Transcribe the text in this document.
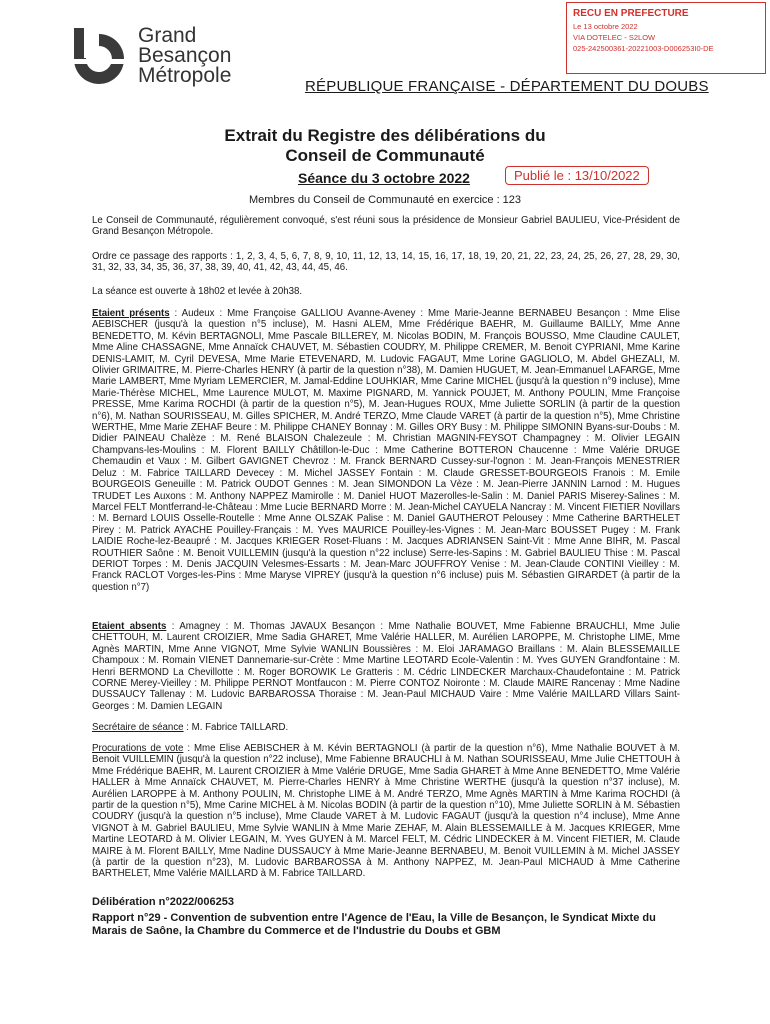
Grand
Besançon
Métropole
RECU EN PREFECTURE
Le 13 octobre 2022
VIA DOTELEC - S2LOW
025-242500361-20221003-D006253I0-DE
RÉPUBLIQUE FRANÇAISE - DÉPARTEMENT DU DOUBS
Extrait du Registre des délibérations du
Conseil de Communauté
Séance du 3 octobre 2022	Publié le : 13/10/2022
Membres du Conseil de Communauté en exercice : 123

Le Conseil de Communauté, régulièrement convoqué, s'est réuni sous la présidence de Monsieur Gabriel BAULIEU, Vice-Président de Grand Besançon Métropole.

Ordre ce passage des rapports : 1, 2, 3, 4, 5, 6, 7, 8, 9, 10, 11, 12, 13, 14, 15, 16, 17, 18, 19, 20, 21, 22, 23, 24, 25, 26, 27, 28, 29, 30, 31, 32, 33, 34, 35, 36, 37, 38, 39, 40, 41, 42, 43, 44, 45, 46.

La séance est ouverte à 18h02 et levée à 20h38.

Etaient présents : Audeux : Mme Françoise GALLIOU Avanne-Aveney : Mme Marie-Jeanne BERNABEU Besançon : Mme Elise AEBISCHER (jusqu'à la question n°5 incluse), M. Hasni ALEM, Mme Frédérique BAEHR, M. Guillaume BAILLY, Mme Anne BENEDETTO, M. Kévin BERTAGNOLI, Mme Pascale BILLEREY, M. Nicolas BODIN, M. François BOUSSO, Mme Claudine CAULET, Mme Aline CHASSAGNE, Mme Annaïck CHAUVET, M. Sébastien COUDRY, M. Philippe CREMER, M. Benoit CYPRIANI, Mme Karine DENIS-LAMIT, M. Cyril DEVESA, Mme Marie ETEVENARD, M. Ludovic FAGAUT, Mme Lorine GAGLIOLO, M. Abdel GHEZALI, M. Olivier GRIMAITRE, M. Pierre-Charles HENRY (à partir de la question n°38), M. Damien HUGUET, M. Jean-Emmanuel LAFARGE, Mme Marie LAMBERT, Mme Myriam LEMERCIER, M. Jamal-Eddine LOUHKIAR, Mme Carine MICHEL (jusqu'à la question n°9 incluse), Mme Marie-Thérèse MICHEL, Mme Laurence MULOT, M. Maxime PIGNARD, M. Yannick POUJET, M. Anthony POULIN, Mme Françoise PRESSE, Mme Karima ROCHDI (à partir de la question n°5), M. Jean-Hugues ROUX, Mme Juliette SORLIN (à partir de la question n°6), M. Nathan SOURISSEAU, M. Gilles SPICHER, M. André TERZO, Mme Claude VARET (à partir de la question n°5), Mme Christine WERTHE, Mme Marie ZEHAF Beure : M. Philippe CHANEY Bonnay : M. Gilles ORY Busy : M. Philippe SIMONIN Byans-sur-Doubs : M. Didier PAINEAU Chalèze : M. René BLAISON Chalezeule : M. Christian MAGNIN-FEYSOT Champagney : M. Olivier LEGAIN Champvans-les-Moulins : M. Florent BAILLY Châtillon-le-Duc : Mme Catherine BOTTERON Chaucenne : Mme Valérie DRUGE Chemaudin et Vaux : M. Gilbert GAVIGNET Chevroz : M. Franck BERNARD Cussey-sur-l'ognon : M. Jean-François MENESTRIER Deluz : M. Fabrice TAILLARD Devecey : M. Michel JASSEY Fontain : M. Claude GRESSET-BOURGEOIS Franois : M. Emile BOURGEOIS Geneuille : M. Patrick OUDOT Gennes : M. Jean SIMONDON La Vèze : M. Jean-Pierre JANNIN Larnod : M. Hugues TRUDET Les Auxons : M. Anthony NAPPEZ Mamirolle : M. Daniel HUOT Mazerolles-le-Salin : M. Daniel PARIS Miserey-Salines : M. Marcel FELT Montferrand-le-Château : Mme Lucie BERNARD Morre : M. Jean-Michel CAYUELA Nancray : M. Vincent FIETIER Novillars : M. Bernard LOUIS Osselle-Routelle : Mme Anne OLSZAK Palise : M. Daniel GAUTHEROT Pelousey : Mme Catherine BARTHELET Pirey : M. Patrick AYACHE Pouilley-Français : M. Yves MAURICE Pouilley-les-Vignes : M. Jean-Marc BOUSSET Pugey : M. Frank LAIDIE Roche-lez-Beaupré : M. Jacques KRIEGER Roset-Fluans : M. Jacques ADRIANSEN Saint-Vit : Mme Anne BIHR, M. Pascal ROUTHIER Saône : M. Benoit VUILLEMIN (jusqu'à la question n°22 incluse) Serre-les-Sapins : M. Gabriel BAULIEU Thise : M. Pascal DERIOT Torpes : M. Denis JACQUIN Velesmes-Essarts : M. Jean-Marc JOUFFROY Venise : M. Jean-Claude CONTINI Vieilley : M. Franck RACLOT Vorges-les-Pins : Mme Maryse VIPREY (jusqu'à la question n°6 incluse) puis M. Sébastien GIRARDET (à partir de la question n°7)

Etaient absents : Amagney : M. Thomas JAVAUX Besançon : Mme Nathalie BOUVET, Mme Fabienne BRAUCHLI, Mme Julie CHETTOUH, M. Laurent CROIZIER, Mme Sadia GHARET, Mme Valérie HALLER, M. Aurélien LAROPPE, M. Christophe LIME, Mme Agnès MARTIN, Mme Anne VIGNOT, Mme Sylvie WANLIN Boussières : M. Eloi JARAMAGO Braillans : M. Alain BLESSEMAILLE Champoux : M. Romain VIENET Dannemarie-sur-Crète : Mme Martine LEOTARD Ecole-Valentin : M. Yves GUYEN Grandfontaine : M. Henri BERMOND La Chevillotte : M. Roger BOROWIK Le Gratteris : M. Cédric LINDECKER Marchaux-Chaudefontaine : M. Patrick CORNE Merey-Vieilley : M. Philippe PERNOT Montfaucon : M. Pierre CONTOZ Noironte : M. Claude MAIRE Rancenay : Mme Nadine DUSSAUCY Tallenay : M. Ludovic BARBAROSSA Thoraise : M. Jean-Paul MICHAUD Vaire : Mme Valérie MAILLARD Villars Saint-Georges : M. Damien LEGAIN

Secrétaire de séance : M. Fabrice TAILLARD.

Procurations de vote : Mme Elise AEBISCHER à M. Kévin BERTAGNOLI (à partir de la question n°6), Mme Nathalie BOUVET à M. Benoit VUILLEMIN (jusqu'à la question n°22 incluse), Mme Fabienne BRAUCHLI à M. Nathan SOURISSEAU, Mme Julie CHETTOUH à Mme Frédérique BAEHR, M. Laurent CROIZIER à Mme Valérie DRUGE, Mme Sadia GHARET à Mme Anne BENEDETTO, Mme Valérie HALLER à Mme Annaïck CHAUVET, M. Pierre-Charles HENRY à Mme Christine WERTHE (jusqu'à la question n°37 incluse), M. Aurélien LAROPPE à M. Anthony POULIN, M. Christophe LIME à M. André TERZO, Mme Agnès MARTIN à Mme Karima ROCHDI (à partir de la question n°5), Mme Carine MICHEL à M. Nicolas BODIN (à partir de la question n°10), Mme Juliette SORLIN à M. Sébastien COUDRY (jusqu'à la question n°5 incluse), Mme Claude VARET à M. Ludovic FAGAUT (jusqu'à la question n°4 incluse), Mme Anne VIGNOT à M. Gabriel BAULIEU, Mme Sylvie WANLIN à Mme Marie ZEHAF, M. Alain BLESSEMAILLE à M. Jacques KRIEGER, Mme Martine LEOTARD à M. Olivier LEGAIN, M. Yves GUYEN à M. Marcel FELT, M. Cédric LINDECKER à M. Vincent FIETIER, M. Claude MAIRE à M. Florent BAILLY, Mme Nadine DUSSAUCY à Mme Marie-Jeanne BERNABEU, M. Benoit VUILLEMIN à M. Michel JASSEY (à partir de la question n°23), M. Ludovic BARBAROSSA à M. Anthony NAPPEZ, M. Jean-Paul MICHAUD à Mme Catherine BARTHELET, Mme Valérie MAILLARD à M. Fabrice TAILLARD.

Délibération n°2022/006253
Rapport n°29 - Convention de subvention entre l'Agence de l'Eau, la Ville de Besançon, le Syndicat Mixte du Marais de Saône, la Chambre du Commerce et de l'Industrie du Doubs et GBM
